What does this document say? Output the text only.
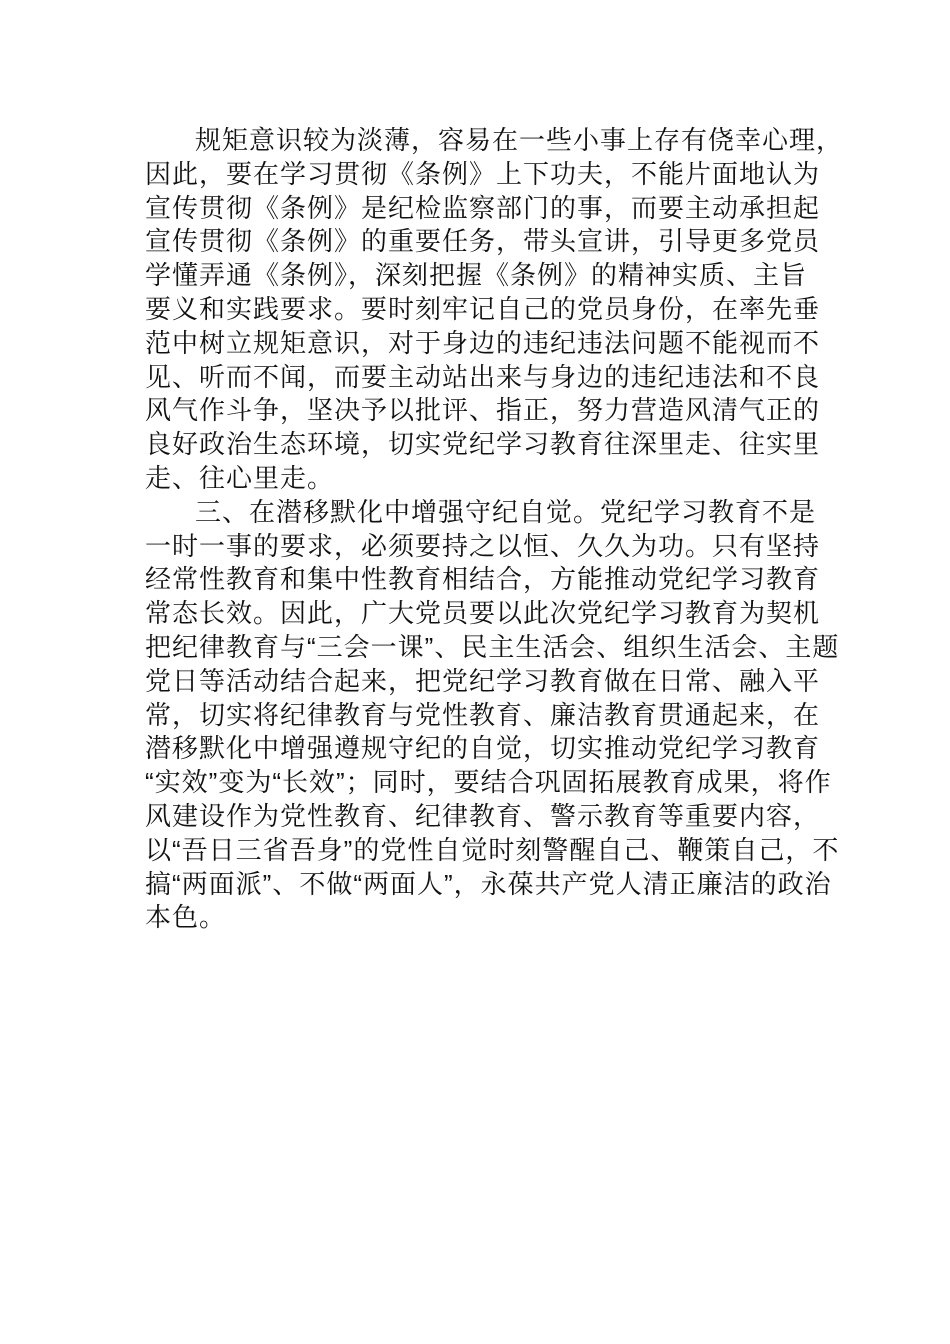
规矩意识较为淡薄，容易在一些小事上存有侥幸心理，
因此，要在学习贯彻《条例》上下功夫，不能片面地认为
宣传贯彻《条例》是纪检监察部门的事，而要主动承担起
宣传贯彻《条例》的重要任务，带头宣讲，引导更多党员
学懂弄通《条例》，深刻把握《条例》的精神实质、主旨
要义和实践要求。要时刻牢记自己的党员身份，在率先垂
范中树立规矩意识，对于身边的违纪违法问题不能视而不
见、听而不闻，而要主动站出来与身边的违纪违法和不良
风气作斗争，坚决予以批评、指正，努力营造风清气正的
良好政治生态环境，切实党纪学习教育往深里走、往实里
走、往心里走。
三、在潜移默化中增强守纪自觉。党纪学习教育不是
一时一事的要求，必须要持之以恒、久久为功。只有坚持
经常性教育和集中性教育相结合，方能推动党纪学习教育
常态长效。因此，广大党员要以此次党纪学习教育为契机
把纪律教育与“三会一课”、民主生活会、组织生活会、主题
党日等活动结合起来，把党纪学习教育做在日常、融入平
常，切实将纪律教育与党性教育、廉洁教育贯通起来，在
潜移默化中增强遵规守纪的自觉，切实推动党纪学习教育
“实效”变为“长效”；同时，要结合巩固拓展教育成果，将作
风建设作为党性教育、纪律教育、警示教育等重要内容，
以“吾日三省吾身”的党性自觉时刻警醒自己、鞭策自己，不
搞“两面派”、不做“两面人”，永葆共产党人清正廉洁的政治
本色。
